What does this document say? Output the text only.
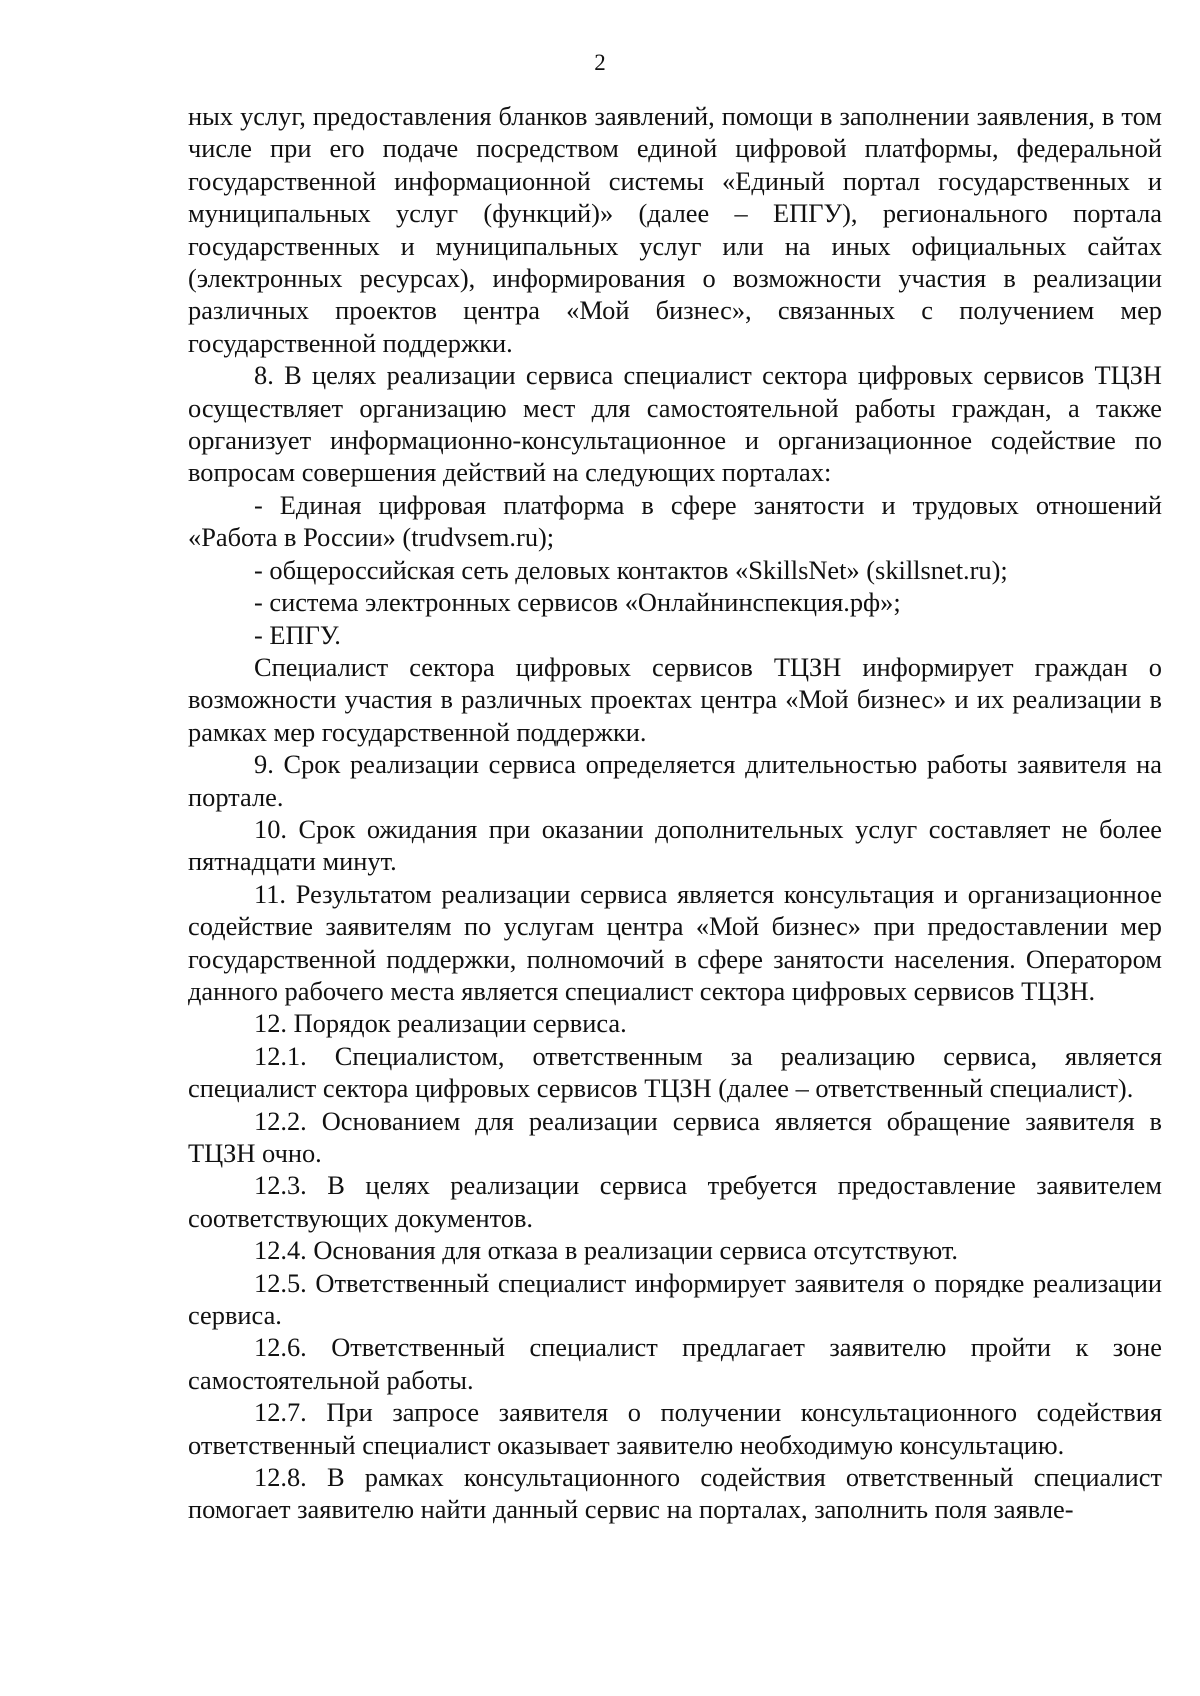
2

ных услуг, предоставления бланков заявлений, помощи в заполнении заявления, в том числе при его подаче посредством единой цифровой платформы, федеральной государственной информационной системы «Единый портал государственных и муниципальных услуг (функций)» (далее – ЕПГУ), регионального портала государственных и муниципальных услуг или на иных официальных сайтах (электронных ресурсах), информирования о возможности участия в реализации различных проектов центра «Мой бизнес», связанных с получением мер государственной поддержки.

8. В целях реализации сервиса специалист сектора цифровых сервисов ТЦЗН осуществляет организацию мест для самостоятельной работы граждан, а также организует информационно-консультационное и организационное содействие по вопросам совершения действий на следующих порталах:

- Единая цифровая платформа в сфере занятости и трудовых отношений «Работа в России» (trudvsem.ru);

- общероссийская сеть деловых контактов «SkillsNet» (skillsnet.ru);

- система электронных сервисов «Онлайнинспекция.рф»;

- ЕПГУ.

Специалист сектора цифровых сервисов ТЦЗН информирует граждан о возможности участия в различных проектах центра «Мой бизнес» и их реализации в рамках мер государственной поддержки.

9. Срок реализации сервиса определяется длительностью работы заявителя на портале.

10. Срок ожидания при оказании дополнительных услуг составляет не более пятнадцати минут.

11. Результатом реализации сервиса является консультация и организационное содействие заявителям по услугам центра «Мой бизнес» при предоставлении мер государственной поддержки, полномочий в сфере занятости населения. Оператором данного рабочего места является специалист сектора цифровых сервисов ТЦЗН.

12. Порядок реализации сервиса.

12.1. Специалистом, ответственным за реализацию сервиса, является специалист сектора цифровых сервисов ТЦЗН (далее – ответственный специалист).

12.2. Основанием для реализации сервиса является обращение заявителя в ТЦЗН очно.

12.3. В целях реализации сервиса требуется предоставление заявителем соответствующих документов.

12.4. Основания для отказа в реализации сервиса отсутствуют.

12.5. Ответственный специалист информирует заявителя о порядке реализации сервиса.

12.6. Ответственный специалист предлагает заявителю пройти к зоне самостоятельной работы.

12.7. При запросе заявителя о получении консультационного содействия ответственный специалист оказывает заявителю необходимую консультацию.

12.8. В рамках консультационного содействия ответственный специалист помогает заявителю найти данный сервис на порталах, заполнить поля заявле-
